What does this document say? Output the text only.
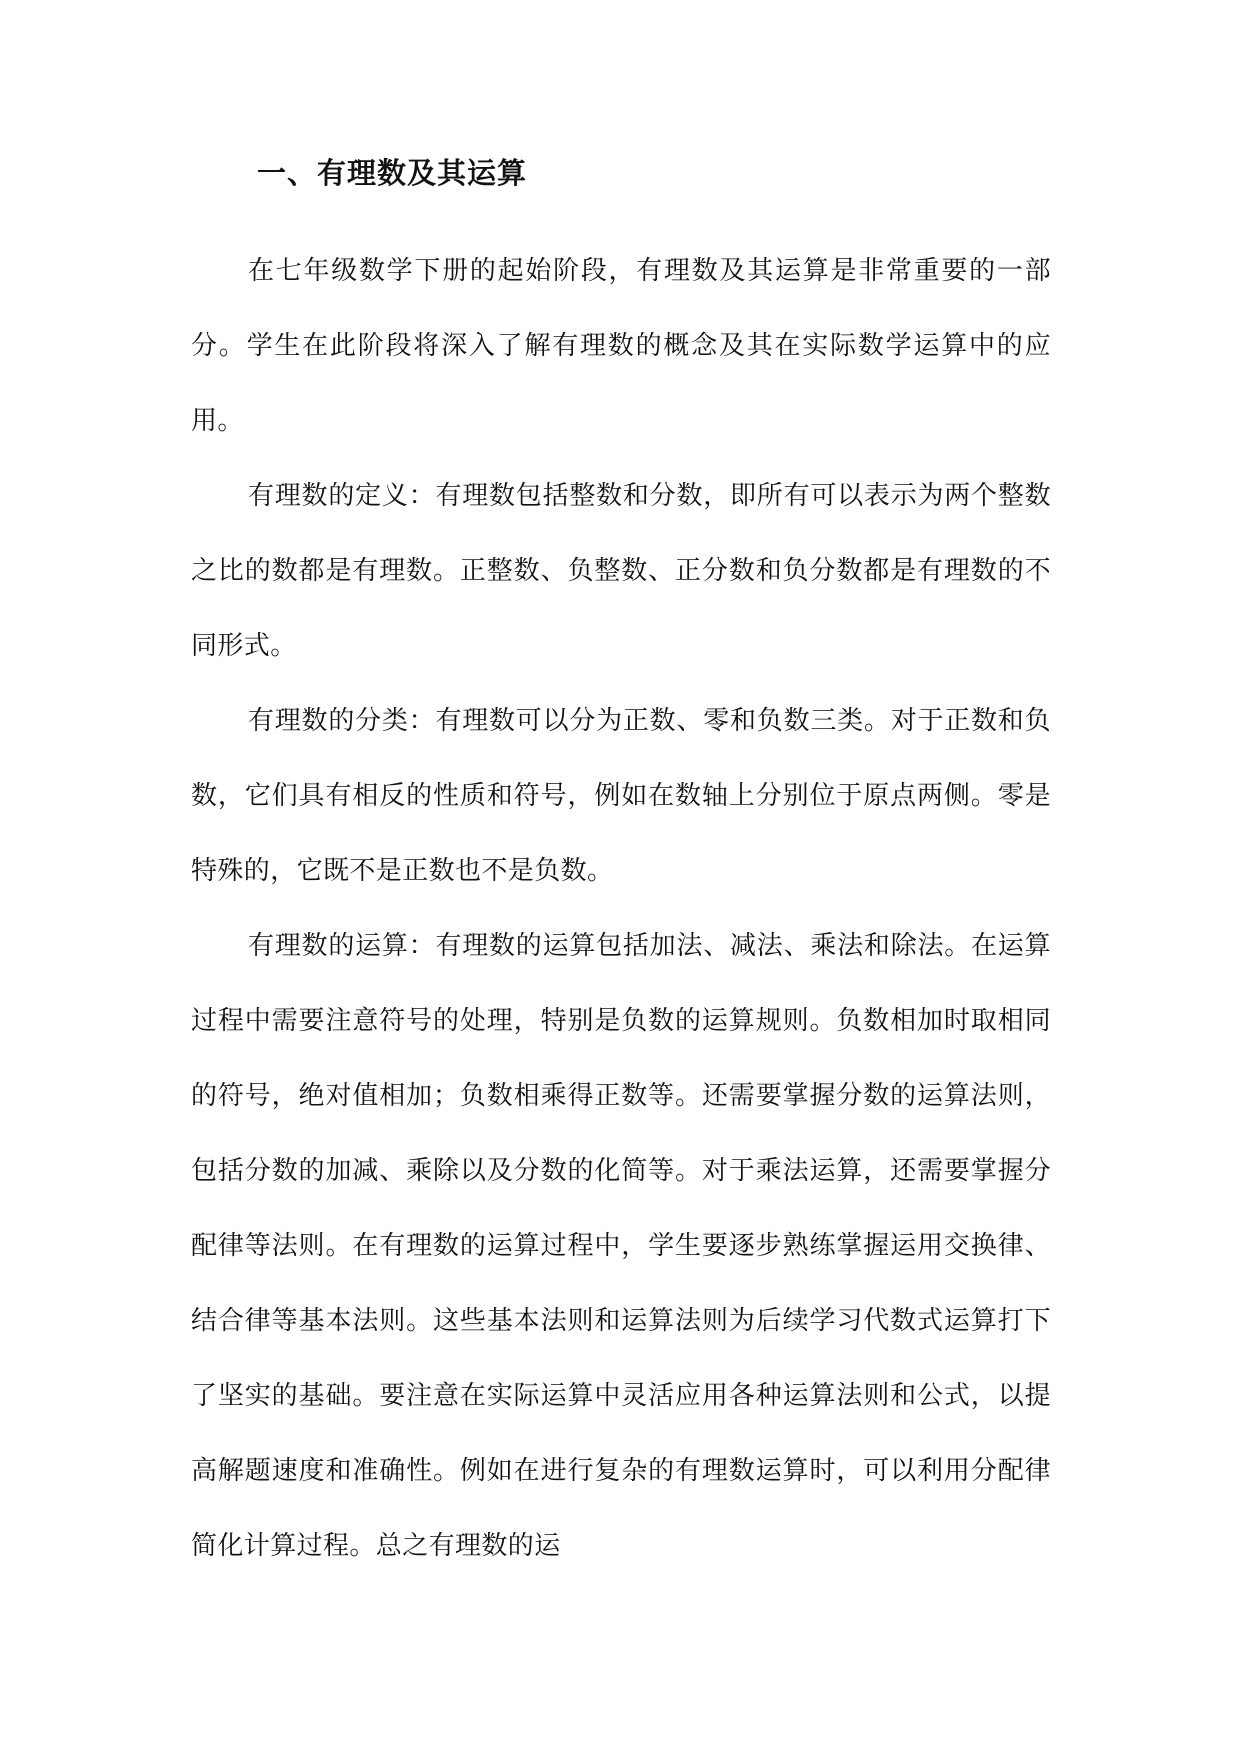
一、有理数及其运算

在七年级数学下册的起始阶段，有理数及其运算是非常重要的一部分。学生在此阶段将深入了解有理数的概念及其在实际数学运算中的应用。

有理数的定义：有理数包括整数和分数，即所有可以表示为两个整数之比的数都是有理数。正整数、负整数、正分数和负分数都是有理数的不同形式。

有理数的分类：有理数可以分为正数、零和负数三类。对于正数和负数，它们具有相反的性质和符号，例如在数轴上分别位于原点两侧。零是特殊的，它既不是正数也不是负数。

有理数的运算：有理数的运算包括加法、减法、乘法和除法。在运算过程中需要注意符号的处理，特别是负数的运算规则。负数相加时取相同的符号，绝对值相加；负数相乘得正数等。还需要掌握分数的运算法则，包括分数的加减、乘除以及分数的化简等。对于乘法运算，还需要掌握分配律等法则。在有理数的运算过程中，学生要逐步熟练掌握运用交换律、结合律等基本法则。这些基本法则和运算法则为后续学习代数式运算打下了坚实的基础。要注意在实际运算中灵活应用各种运算法则和公式，以提高解题速度和准确性。例如在进行复杂的有理数运算时，可以利用分配律简化计算过程。总之有理数的运
